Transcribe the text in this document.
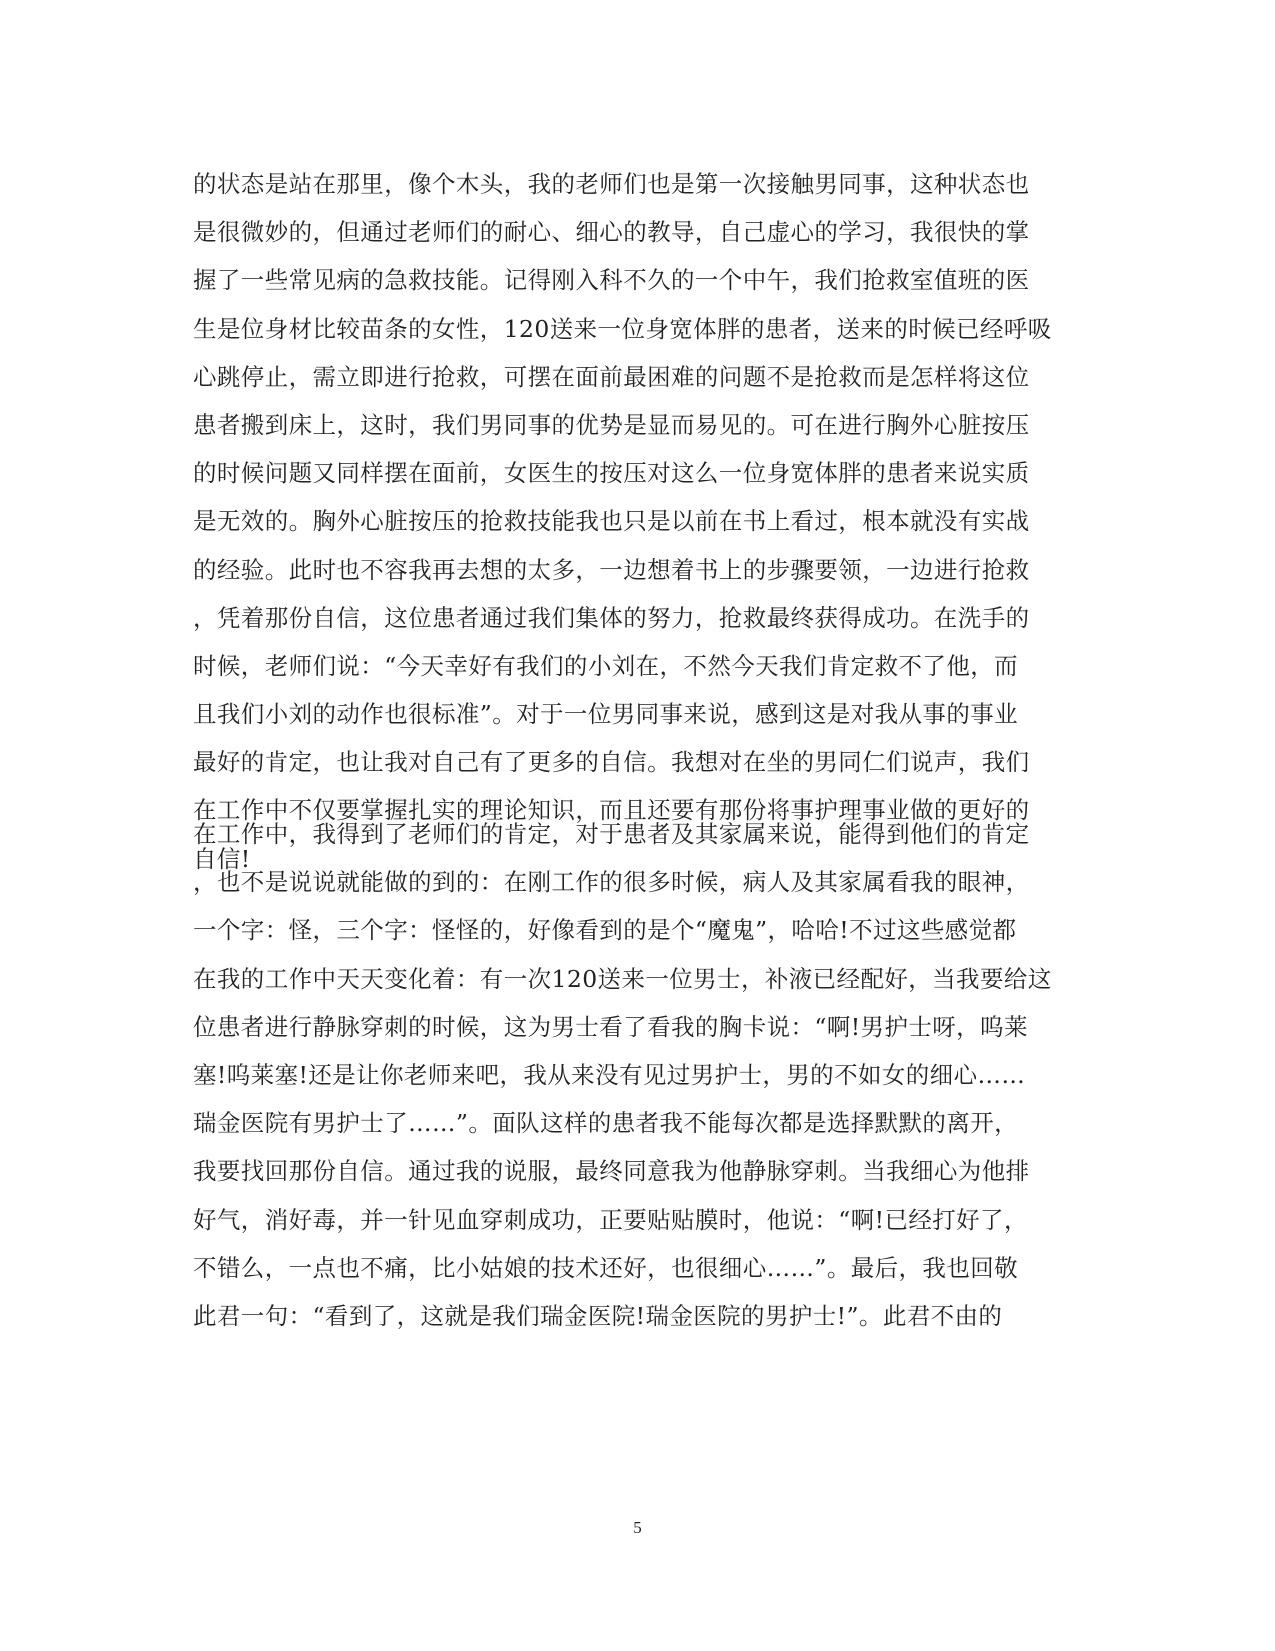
的状态是站在那里，像个木头，我的老师们也是第一次接触男同事，这种状态也
是很微妙的，但通过老师们的耐心、细心的教导，自己虚心的学习，我很快的掌
握了一些常见病的急救技能。记得刚入科不久的一个中午，我们抢救室值班的医
生是位身材比较苗条的女性，120送来一位身宽体胖的患者，送来的时候已经呼吸
心跳停止，需立即进行抢救，可摆在面前最困难的问题不是抢救而是怎样将这位
患者搬到床上，这时，我们男同事的优势是显而易见的。可在进行胸外心脏按压
的时候问题又同样摆在面前，女医生的按压对这么一位身宽体胖的患者来说实质
是无效的。胸外心脏按压的抢救技能我也只是以前在书上看过，根本就没有实战
的经验。此时也不容我再去想的太多，一边想着书上的步骤要领，一边进行抢救
，凭着那份自信，这位患者通过我们集体的努力，抢救最终获得成功。在洗手的
时候，老师们说：“今天幸好有我们的小刘在，不然今天我们肯定救不了他，而
且我们小刘的动作也很标准”。对于一位男同事来说，感到这是对我从事的事业
最好的肯定，也让我对自己有了更多的自信。我想对在坐的男同仁们说声，我们
在工作中不仅要掌握扎实的理论知识，而且还要有那份将事护理事业做的更好的
自信!
在工作中，我得到了老师们的肯定，对于患者及其家属来说，能得到他们的肯定
，也不是说说就能做的到的：在刚工作的很多时候，病人及其家属看我的眼神，
一个字：怪，三个字：怪怪的，好像看到的是个“魔鬼”，哈哈!不过这些感觉都
在我的工作中天天变化着：有一次120送来一位男士，补液已经配好，当我要给这
位患者进行静脉穿刺的时候，这为男士看了看我的胸卡说：“啊!男护士呀，呜莱
塞!呜莱塞!还是让你老师来吧，我从来没有见过男护士，男的不如女的细心……
瑞金医院有男护士了……”。面队这样的患者我不能每次都是选择默默的离开，
我要找回那份自信。通过我的说服，最终同意我为他静脉穿刺。当我细心为他排
好气，消好毒，并一针见血穿刺成功，正要贴贴膜时，他说：“啊!已经打好了，
不错么，一点也不痛，比小姑娘的技术还好，也很细心……”。最后，我也回敬
此君一句：“看到了，这就是我们瑞金医院!瑞金医院的男护士!”。此君不由的
5
